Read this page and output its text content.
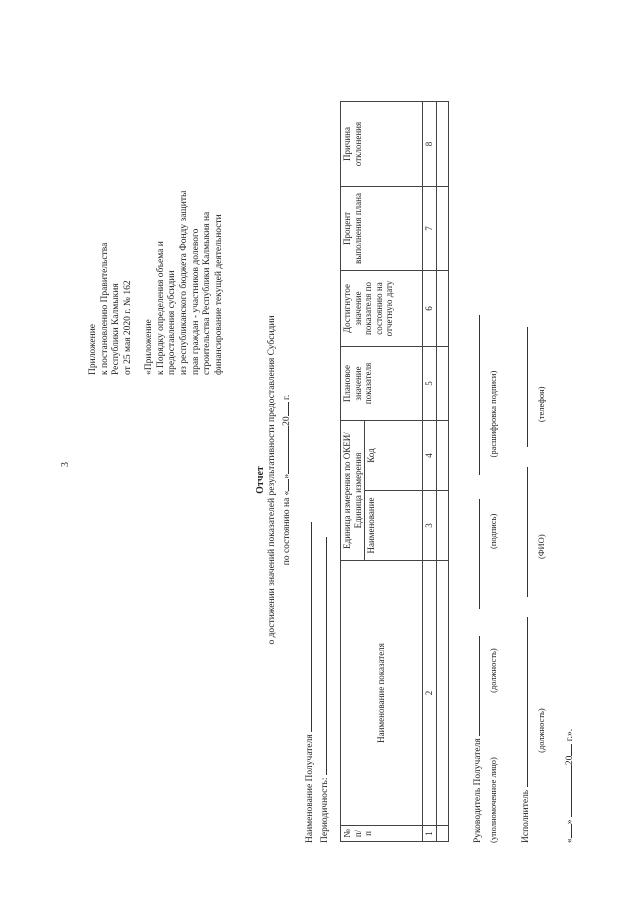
3
Приложение к постановлению Правительства Республики Калмыкия от 25 мая 2020 г. № 162 «Приложение к Порядку определения объема и предоставления субсидии из республиканского бюджета Фонду защиты прав граждан - участников долевого строительства Республики Калмыкия на финансирование текущей деятельности
Отчет о достижении значений показателей результативности предоставления Субсидии по состоянию на «»20 г.
Наименование Получателя Периодичность: № п/п	Наименование показателя	Единица измерения по ОКЕИ/Единица измерения		Плановое значение показателя	Достигнутое значение показателя по состоянию на отчетную дату	Процент выполнения плана	Причина отклонения
		Наименование	Код				
1	2	3	4	5	6	7	8

Руководитель Получателя (уполномоченное лицо)  (должность)  (подпись)  (расшифровка подписи)
Исполнитель
(должность)  (ФИО)  (телефон)
«» 20 г.».
